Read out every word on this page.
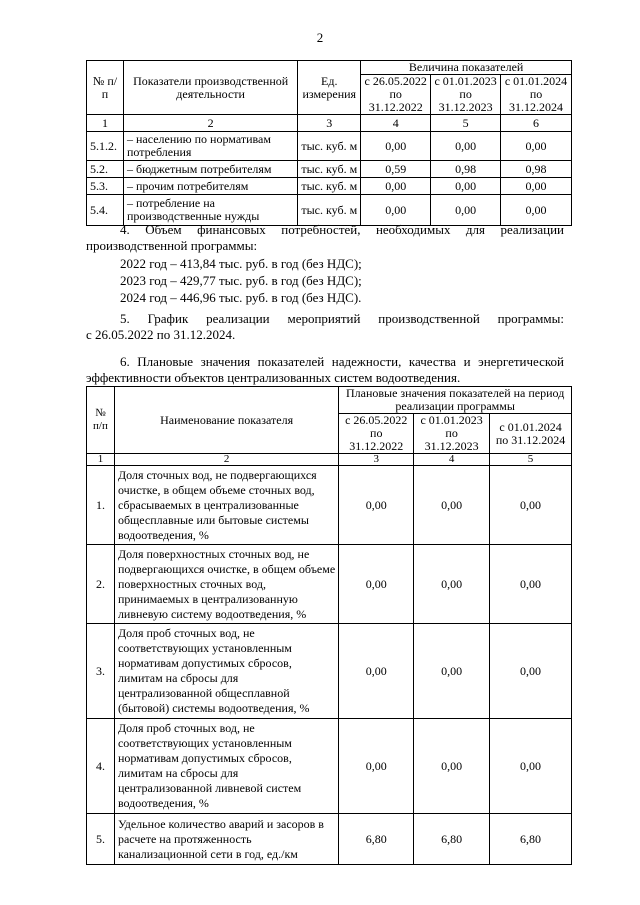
2
№ п/п	Показатели производственной деятельности	Ед. измерения	Величина показателей		
			с 26.05.2022 по 31.12.2022	с 01.01.2023 по 31.12.2023	с 01.01.2024 по 31.12.2024
1	2	3	4	5	6
5.1.2.	– населению по нормативам потребления	тыс. куб. м	0,00	0,00	0,00
5.2.	– бюджетным потребителям	тыс. куб. м	0,59	0,98	0,98
5.3.	– прочим потребителям	тыс. куб. м	0,00	0,00	0,00
5.4.	– потребление на производственные нужды	тыс. куб. м	0,00	0,00	0,00
4. Объем финансовых потребностей, необходимых для реализации
производственной программы:
2022 год – 413,84 тыс. руб. в год (без НДС);
2023 год – 429,77 тыс. руб. в год (без НДС);
2024 год – 446,96 тыс. руб. в год (без НДС).
5. График реализации мероприятий производственной программы:
с 26.05.2022 по 31.12.2024.
6. Плановые значения показателей надежности, качества и энергетической
эффективности объектов централизованных систем водоотведения.
№ п/п	Наименование показателя	Плановые значения показателей на период реализации программы		
		с 26.05.2022 по 31.12.2022	с 01.01.2023 по 31.12.2023	с 01.01.2024 по 31.12.2024
1	2	3	4	5
1.	Доля сточных вод, не подвергающихся очистке, в общем объеме сточных вод, сбрасываемых в централизованные общесплавные или бытовые системы водоотведения, %	0,00	0,00	0,00
2.	Доля поверхностных сточных вод, не подвергающихся очистке, в общем объеме поверхностных сточных вод, принимаемых в централизованную ливневую систему водоотведения, %	0,00	0,00	0,00
3.	Доля проб сточных вод, не соответствующих установленным нормативам допустимых сбросов, лимитам на сбросы для централизованной общесплавной (бытовой) системы водоотведения, %	0,00	0,00	0,00
4.	Доля проб сточных вод, не соответствующих установленным нормативам допустимых сбросов, лимитам на сбросы для централизованной ливневой систем водоотведения, %	0,00	0,00	0,00
5.	Удельное количество аварий и засоров в расчете на протяженность канализационной сети в год, ед./км	6,80	6,80	6,80
